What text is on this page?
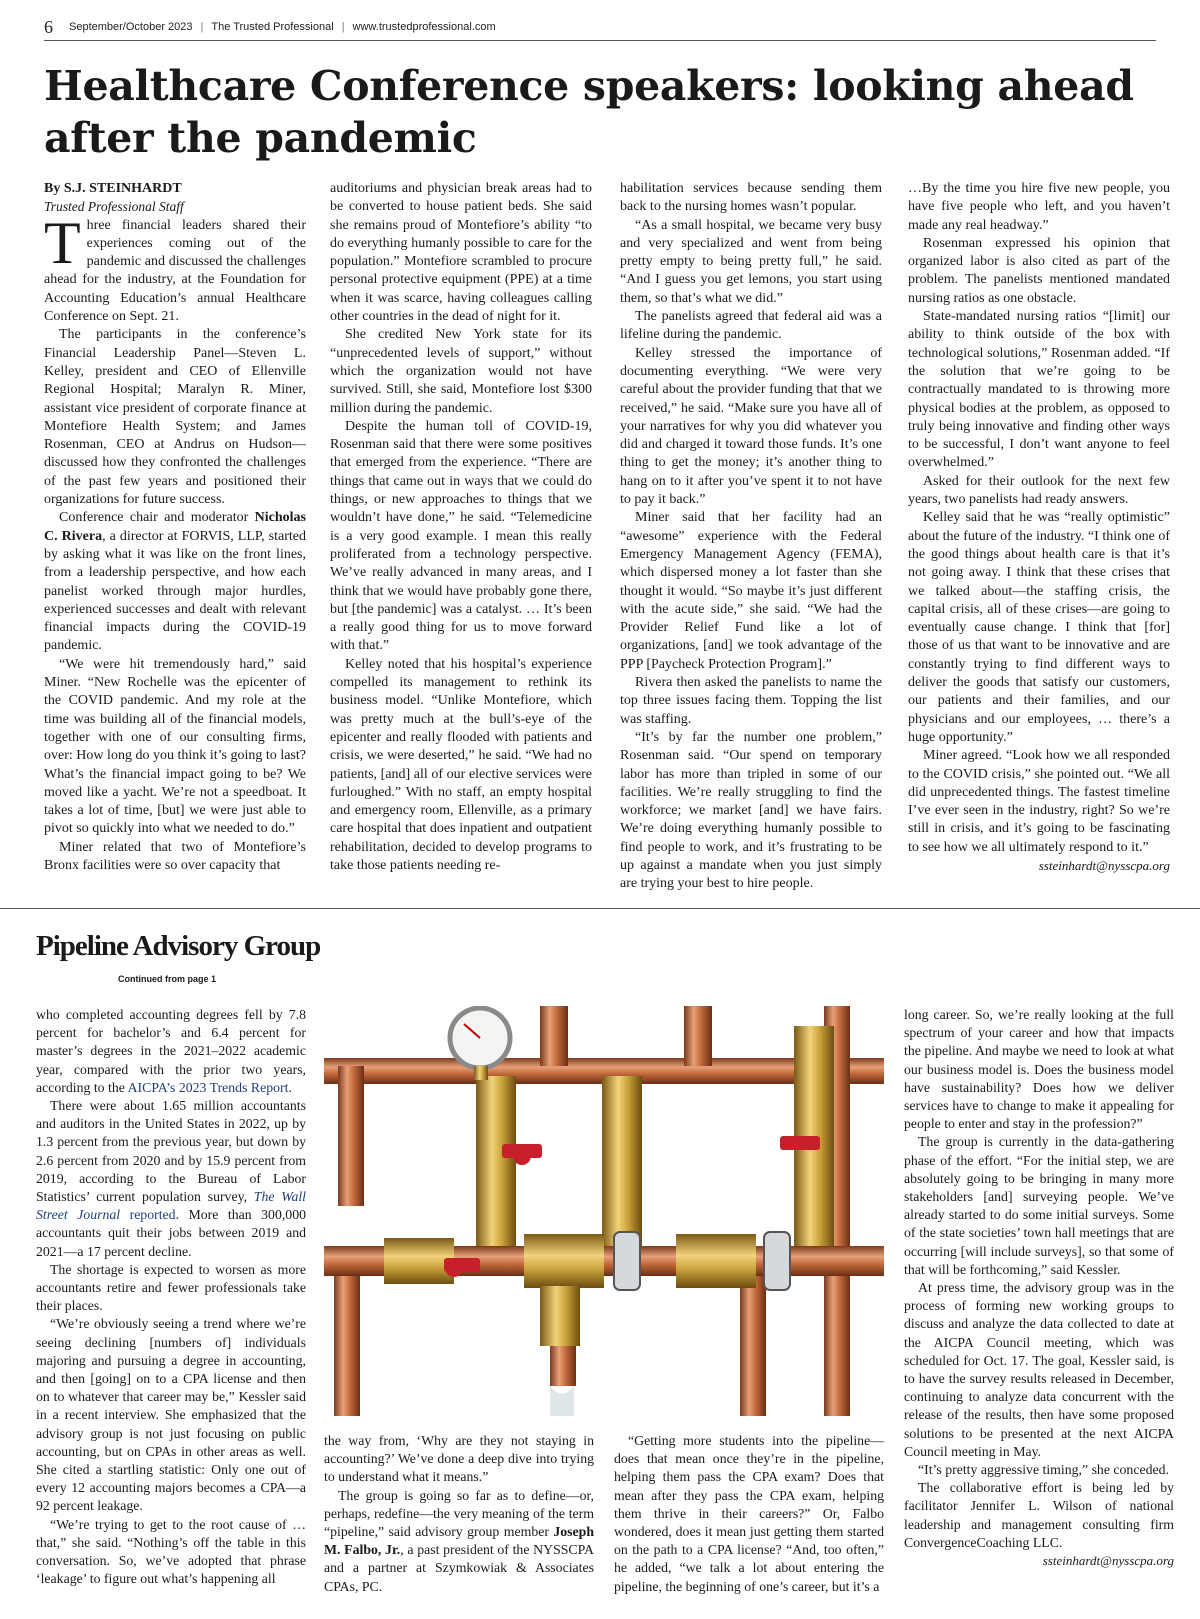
6 September/October 2023 | The Trusted Professional | www.trustedprofessional.com
Healthcare Conference speakers: looking ahead after the pandemic

By S.J. STEINHARDT

Trusted Professional Staff

Three financial leaders shared their experiences coming out of the pandemic and discussed the challenges ahead for the industry, at the Foundation for Accounting Education’s annual Healthcare Conference on Sept. 21.

The participants in the conference’s Financial Leadership Panel—Steven L. Kelley, president and CEO of Ellenville Regional Hospital; Maralyn R. Miner, assistant vice president of corporate finance at Montefiore Health System; and James Rosenman, CEO at Andrus on Hudson—discussed how they confronted the challenges of the past few years and positioned their organizations for future success.

Conference chair and moderator Nicholas C. Rivera, a director at FORVIS, LLP, started by asking what it was like on the front lines, from a leadership perspective, and how each panelist worked through major hurdles, experienced successes and dealt with relevant financial impacts during the COVID-19 pandemic.

“We were hit tremendously hard,” said Miner. “New Rochelle was the epicenter of the COVID pandemic. And my role at the time was building all of the financial models, together with one of our consulting firms, over: How long do you think it’s going to last? What’s the financial impact going to be? We moved like a yacht. We’re not a speedboat. It takes a lot of time, [but] we were just able to pivot so quickly into what we needed to do.”

Miner related that two of Montefiore’s Bronx facilities were so over capacity that

auditoriums and physician break areas had to be converted to house patient beds. She said she remains proud of Montefiore’s ability “to do everything humanly possible to care for the population.” Montefiore scrambled to procure personal protective equipment (PPE) at a time when it was scarce, having colleagues calling other countries in the dead of night for it.

She credited New York state for its “unprecedented levels of support,” without which the organization would not have survived. Still, she said, Montefiore lost $300 million during the pandemic.

Despite the human toll of COVID-19, Rosenman said that there were some positives that emerged from the experience. “There are things that came out in ways that we could do things, or new approaches to things that we wouldn’t have done,” he said. “Telemedicine is a very good example. I mean this really proliferated from a technology perspective. We’ve really advanced in many areas, and I think that we would have probably gone there, but [the pandemic] was a catalyst. … It’s been a really good thing for us to move forward with that.”

Kelley noted that his hospital’s experience compelled its management to rethink its business model. “Unlike Montefiore, which was pretty much at the bull’s-eye of the epicenter and really flooded with patients and crisis, we were deserted,” he said. “We had no patients, [and] all of our elective services were furloughed.” With no staff, an empty hospital and emergency room, Ellenville, as a primary care hospital that does inpatient and outpatient rehabilitation, decided to develop programs to take those patients needing re-

habilitation services because sending them back to the nursing homes wasn’t popular.

“As a small hospital, we became very busy and very specialized and went from being pretty empty to being pretty full,” he said. “And I guess you get lemons, you start using them, so that’s what we did.”

The panelists agreed that federal aid was a lifeline during the pandemic.

Kelley stressed the importance of documenting everything. “We were very careful about the provider funding that that we received,” he said. “Make sure you have all of your narratives for why you did whatever you did and charged it toward those funds. It’s one thing to get the money; it’s another thing to hang on to it after you’ve spent it to not have to pay it back.”

Miner said that her facility had an “awesome” experience with the Federal Emergency Management Agency (FEMA), which dispersed money a lot faster than she thought it would. “So maybe it’s just different with the acute side,” she said. “We had the Provider Relief Fund like a lot of organizations, [and] we took advantage of the PPP [Paycheck Protection Program].”

Rivera then asked the panelists to name the top three issues facing them. Topping the list was staffing.

“It’s by far the number one problem,” Rosenman said. “Our spend on temporary labor has more than tripled in some of our facilities. We’re really struggling to find the workforce; we market [and] we have fairs. We’re doing everything humanly possible to find people to work, and it’s frustrating to be up against a mandate when you just simply are trying your best to hire people.

…By the time you hire five new people, you have five people who left, and you haven’t made any real headway.”

Rosenman expressed his opinion that organized labor is also cited as part of the problem. The panelists mentioned mandated nursing ratios as one obstacle.

State-mandated nursing ratios “[limit] our ability to think outside of the box with technological solutions,” Rosenman added. “If the solution that we’re going to be contractually mandated to is throwing more physical bodies at the problem, as opposed to truly being innovative and finding other ways to be successful, I don’t want anyone to feel overwhelmed.”

Asked for their outlook for the next few years, two panelists had ready answers.

Kelley said that he was “really optimistic” about the future of the industry. “I think one of the good things about health care is that it’s not going away. I think that these crises that we talked about—the staffing crisis, the capital crisis, all of these crises—are going to eventually cause change. I think that [for] those of us that want to be innovative and are constantly trying to find different ways to deliver the goods that satisfy our customers, our patients and their families, and our physicians and our employees, … there’s a huge opportunity.”

Miner agreed. “Look how we all responded to the COVID crisis,” she pointed out. “We all did unprecedented things. The fastest timeline I’ve ever seen in the industry, right? So we’re still in crisis, and it’s going to be fascinating to see how we all ultimately respond to it.”

ssteinhardt@nysscpa.org

Pipeline Advisory Group
Continued from page 1

who completed accounting degrees fell by 7.8 percent for bachelor’s and 6.4 percent for master’s degrees in the 2021–2022 academic year, compared with the prior two years, according to the AICPA’s 2023 Trends Report.

There were about 1.65 million accountants and auditors in the United States in 2022, up by 1.3 percent from the previous year, but down by 2.6 percent from 2020 and by 15.9 percent from 2019, according to the Bureau of Labor Statistics’ current population survey, The Wall Street Journal reported. More than 300,000 accountants quit their jobs between 2019 and 2021—a 17 percent decline.

The shortage is expected to worsen as more accountants retire and fewer professionals take their places.

“We’re obviously seeing a trend where we’re seeing declining [numbers of] individuals majoring and pursuing a degree in accounting, and then [going] on to a CPA license and then on to whatever that career may be,” Kessler said in a recent interview. She emphasized that the advisory group is not just focusing on public accounting, but on CPAs in other areas as well. She cited a startling statistic: Only one out of every 12 accounting majors becomes a CPA—a 92 percent leakage.

“We’re trying to get to the root cause of … that,” she said. “Nothing’s off the table in this conversation. So, we’ve adopted that phrase ‘leakage’ to figure out what’s happening all

the way from, ‘Why are they not staying in accounting?’ We’ve done a deep dive into trying to understand what it means.”

The group is going so far as to define—or, perhaps, redefine—the very meaning of the term “pipeline,” said advisory group member Joseph M. Falbo, Jr., a past president of the NYSSCPA and a partner at Szymkowiak & Associates CPAs, PC.

“Getting more students into the pipeline—does that mean once they’re in the pipeline, helping them pass the CPA exam? Does that mean after they pass the CPA exam, helping them thrive in their careers?” Or, Falbo wondered, does it mean just getting them started on the path to a CPA license? “And, too often,” he added, “we talk a lot about entering the pipeline, the beginning of one’s career, but it’s a

long career. So, we’re really looking at the full spectrum of your career and how that impacts the pipeline. And maybe we need to look at what our business model is. Does the business model have sustainability? Does how we deliver services have to change to make it appealing for people to enter and stay in the profession?”

The group is currently in the data-gathering phase of the effort. “For the initial step, we are absolutely going to be bringing in many more stakeholders [and] surveying people. We’ve already started to do some initial surveys. Some of the state societies’ town hall meetings that are occurring [will include surveys], so that some of that will be forthcoming,” said Kessler.

At press time, the advisory group was in the process of forming new working groups to discuss and analyze the data collected to date at the AICPA Council meeting, which was scheduled for Oct. 17. The goal, Kessler said, is to have the survey results released in December, continuing to analyze data concurrent with the release of the results, then have some proposed solutions to be presented at the next AICPA Council meeting in May.

“It’s pretty aggressive timing,” she conceded.

The collaborative effort is being led by facilitator Jennifer L. Wilson of national leadership and management consulting firm ConvergenceCoaching LLC.

ssteinhardt@nysscpa.org
